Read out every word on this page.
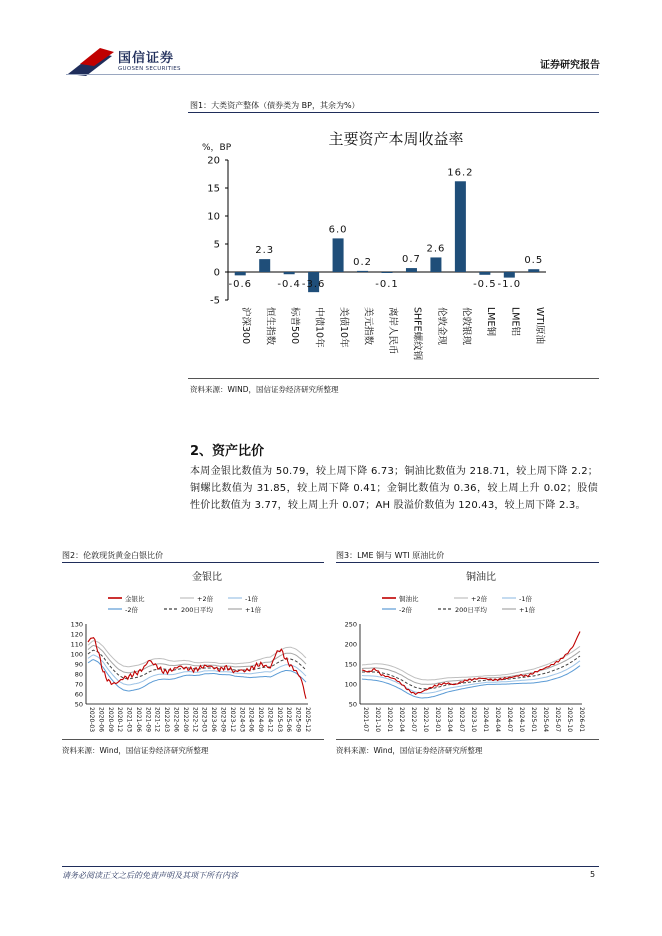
国信证券
GUOSEN SECURITIES	证券研究报告
图1：大类资产整体（债券类为 BP，其余为%）
主要资产本周收益率
%，BP
20
15
10
5
0
-5
-0.6
2.3
-0.4 -3.6
6.0
0.2
-0.1
0.7
2.6
16.2
-0.5 -1.0
0.5
沪深300 恒生指数 标普500 中债10年 美债10年 美元指数 离岸人民币 SHFE螺纹钢 伦敦金现 伦敦银现 LME铜 LME铝 WTI原油
资料来源：WIND，国信证券经济研究所整理
2、资产比价
本周金银比数值为 50.79，较上周下降 6.73；铜油比数值为 218.71，较上周下降 2.2；铜螺比数值为 31.85，较上周下降 0.41；金铜比数值为 0.36，较上周上升 0.02；股债性价比数值为 3.77，较上周上升 0.07；AH 股溢价数值为 120.43，较上周下降 2.3。
图2：伦敦现货黄金白银比价
金银比
金银比	+2倍	-1倍
-2倍	200日平均	+1倍
130
120
110
100
90
80
70
60
50
2020-03 2020-06 2020-09 2020-12 2021-03 2021-06 2021-09 2021-12 2022-03 2022-06 2022-09 2022-12 2023-03 2023-06 2023-09 2023-12 2024-03 2024-06 2024-09 2024-12 2025-03 2025-06 2025-09 2025-12
资料来源：Wind，国信证券经济研究所整理
图3：LME 铜与 WTI 原油比价
铜油比
铜油比	+2倍	-1倍
-2倍	200日平均	+1倍
250
200
150
100
50
2021-07 2021-10 2022-01 2022-04 2022-07 2022-10 2023-01 2023-04 2023-07 2023-10 2024-01 2024-04 2024-07 2024-10 2025-01 2025-04 2025-07 2025-10 2026-01
资料来源：Wind，国信证券经济研究所整理
请务必阅读正文之后的免责声明及其项下所有内容	5
